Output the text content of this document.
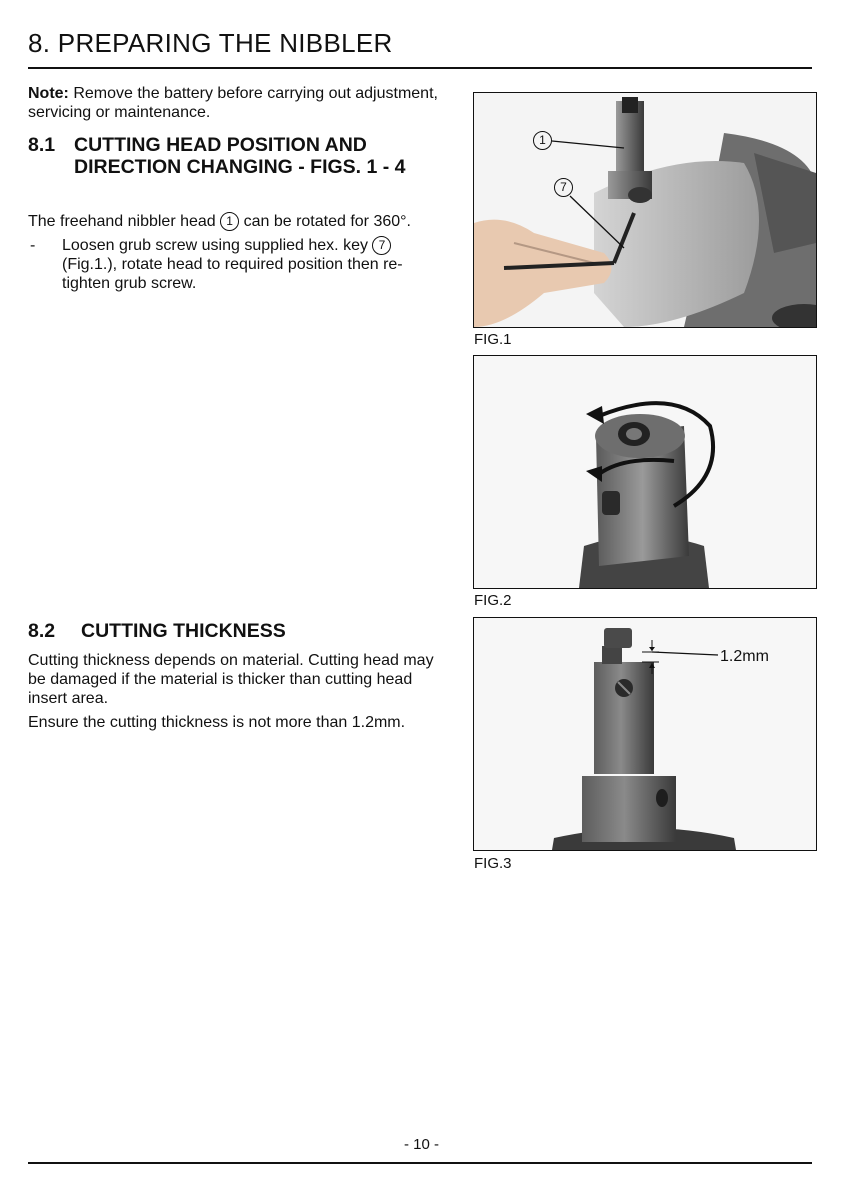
8. PREPARING THE NIBBLER
Note: Remove the battery before carrying out adjustment, servicing or maintenance.
8.1 CUTTING HEAD POSITION AND DIRECTION CHANGING - FIGS. 1 - 4

The freehand nibbler head 1 can be rotated for 360°.

- Loosen grub screw using supplied hex. key 7 (Fig.1.), rotate head to required position then re-tighten grub screw.

8.2 CUTTING THICKNESS

Cutting thickness depends on material. Cutting head may be damaged if the material is thicker than cutting head insert area.

Ensure the cutting thickness is not more than 1.2mm.

1
7
FIG.1
FIG.2
1.2mm
FIG.3
- 10 -
